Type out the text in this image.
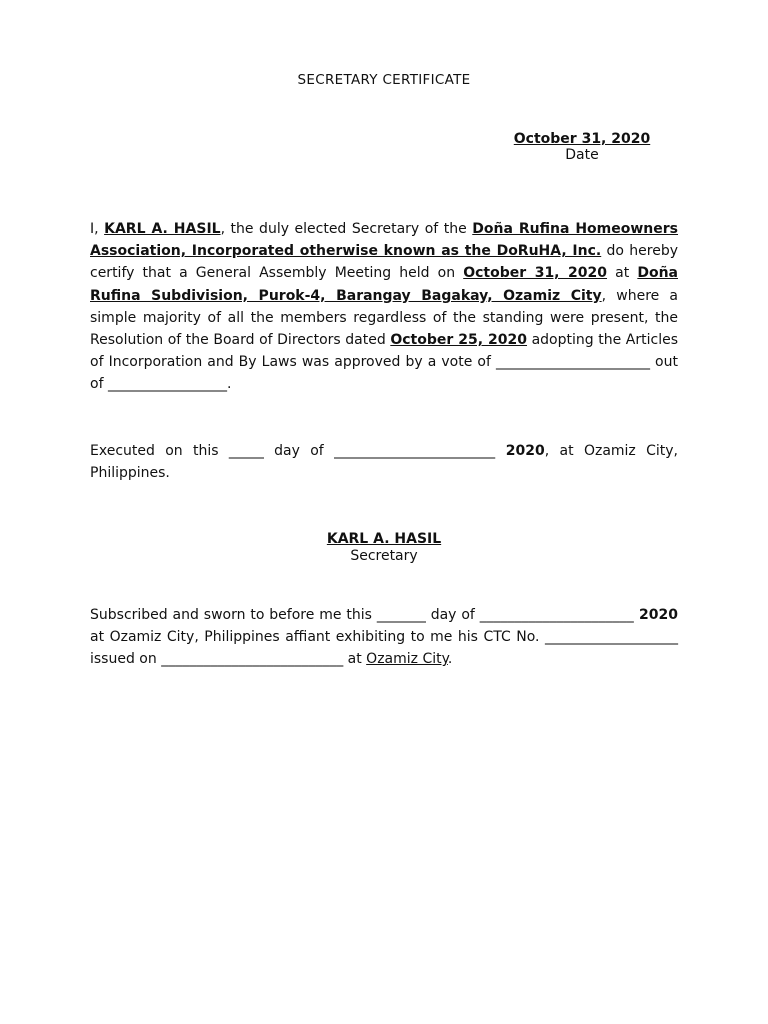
SECRETARY CERTIFICATE
October 31, 2020
Date
I, KARL A. HASIL, the duly elected Secretary of the Doña Rufina Homeowners Association, Incorporated otherwise known as the DoRuHA, Inc. do hereby certify that a General Assembly Meeting held on October 31, 2020 at Doña Rufina Subdivision, Purok-4, Barangay Bagakay, Ozamiz City, where a simple majority of all the members regardless of the standing were present, the Resolution of the Board of Directors dated October 25, 2020 adopting the Articles of Incorporation and By Laws was approved by a vote of ______________________ out of _________________.
Executed on this _____ day of _______________________ 2020, at Ozamiz City, Philippines.
KARL A. HASIL
Secretary
Subscribed and sworn to before me this _______ day of ______________________ 2020 at Ozamiz City, Philippines affiant exhibiting to me his CTC No. ___________________ issued on __________________________ at Ozamiz City.
